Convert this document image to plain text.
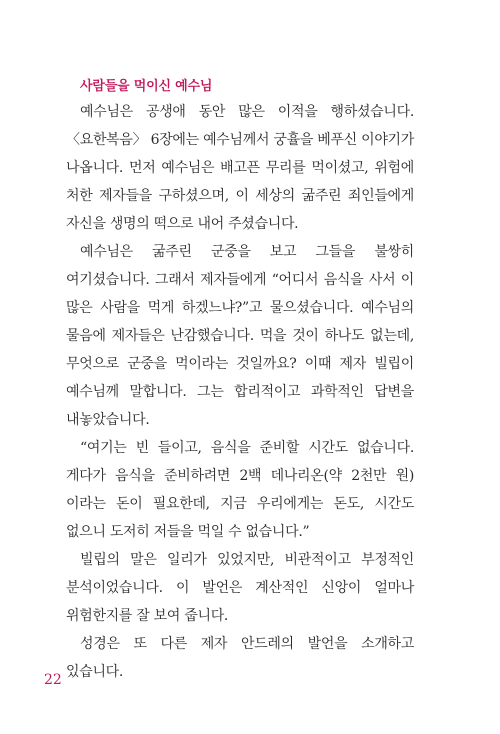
사람들을 먹이신 예수님

예수님은 공생애 동안 많은 이적을 행하셨습니다. 〈요한복음〉 6장에는 예수님께서 궁휼을 베푸신 이야기가 나옵니다. 먼저 예수님은 배고픈 무리를 먹이셨고, 위험에 처한 제자들을 구하셨으며, 이 세상의 굶주린 죄인들에게 자신을 생명의 떡으로 내어 주셨습니다.

예수님은 굶주린 군중을 보고 그들을 불쌍히 여기셨습니다. 그래서 제자들에게 “어디서 음식을 사서 이 많은 사람을 먹게 하겠느냐?”고 물으셨습니다. 예수님의 물음에 제자들은 난감했습니다. 먹을 것이 하나도 없는데, 무엇으로 군중을 먹이라는 것일까요? 이때 제자 빌립이 예수님께 말합니다. 그는 합리적이고 과학적인 답변을 내놓았습니다.

“여기는 빈 들이고, 음식을 준비할 시간도 없습니다. 게다가 음식을 준비하려면 2백 데나리온(약 2천만 원)이라는 돈이 필요한데, 지금 우리에게는 돈도, 시간도 없으니 도저히 저들을 먹일 수 없습니다.”

빌립의 말은 일리가 있었지만, 비관적이고 부정적인 분석이었습니다. 이 발언은 계산적인 신앙이 얼마나 위험한지를 잘 보여 줍니다.

성경은 또 다른 제자 안드레의 발언을 소개하고 있습니다.

22
